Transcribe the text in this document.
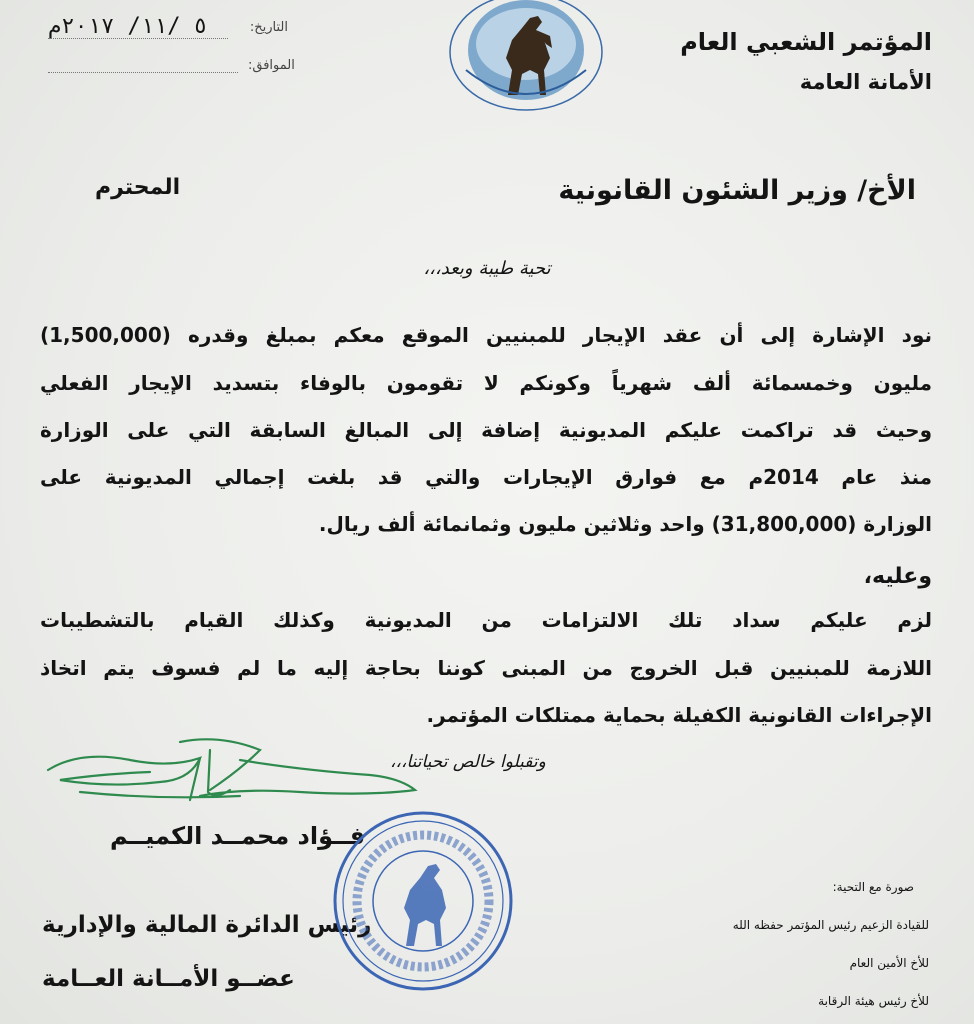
المؤتمر الشعبي العام
الأمانة العامة
التاريخ:
٥ /١١/ ٢٠١٧م
الموافق:
الأخ/ وزير الشئون القانونية
المحترم
تحية طيبة وبعد،،،
نود الإشارة إلى أن عقد الإيجار للمبنيين الموقع معكم بمبلغ وقدره (1,500,000)
مليون وخمسمائة ألف شهرياً وكونكم لا تقومون بالوفاء بتسديد الإيجار الفعلي
وحيث قد تراكمت عليكم المديونية إضافة إلى المبالغ السابقة التي على الوزارة
منذ عام 2014م مع فوارق الإيجارات والتي قد بلغت إجمالي المديونية على
الوزارة (31,800,000) واحد وثلاثين مليون وثمانمائة ألف ريال.
وعليه،
لزم عليكم سداد تلك الالتزامات من المديونية وكذلك القيام بالتشطيبات
اللازمة للمبنيين قبل الخروج من المبنى كوننا بحاجة إليه ما لم فسوف يتم اتخاذ
الإجراءات القانونية الكفيلة بحماية ممتلكات المؤتمر.
وتقبلوا خالص تحياتنا،،،
فــؤاد محمــد الكميــم
رئيس الدائرة المالية والإدارية
عضــو الأمــانة العــامة
صورة مع التحية:
للقيادة الزعيم رئيس المؤتمر حفظه الله
للأخ الأمين العام
للأخ رئيس هيئة الرقابة
